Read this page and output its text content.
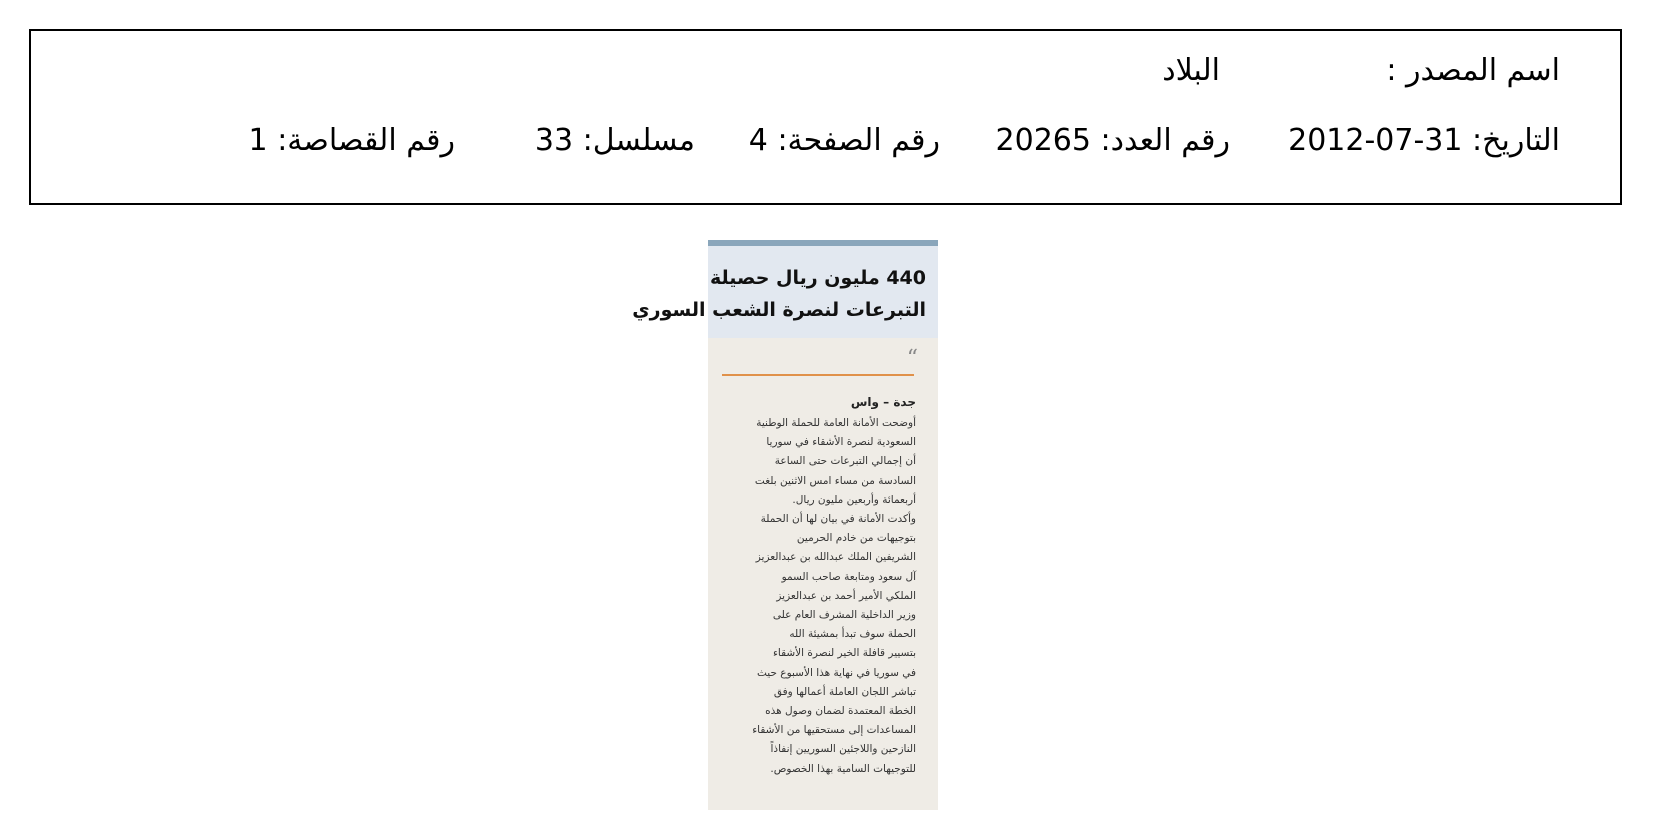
اسم المصدر :
البلاد
التاريخ: 2012-07-31
رقم العدد: 20265
رقم الصفحة: 4
مسلسل: 33
رقم القصاصة: 1
440 مليون ريال حصيلة
التبرعات لنصرة الشعب السوري
“
جدة – واس
أوضحت الأمانة العامة للحملة الوطنية
السعودية لنصرة الأشقاء في سوريا
أن إجمالي التبرعات حتى الساعة
السادسة من مساء امس الاثنين بلغت
أربعمائة وأربعين مليون ريال.
وأكدت الأمانة في بيان لها أن الحملة
بتوجيهات من خادم الحرمين
الشريفين الملك عبدالله بن عبدالعزيز
آل سعود ومتابعة صاحب السمو
الملكي الأمير أحمد بن عبدالعزيز
وزير الداخلية المشرف العام على
الحملة سوف تبدأ بمشيئة الله
بتسيير قافلة الخير لنصرة الأشقاء
في سوريا في نهاية هذا الأسبوع حيث
تباشر اللجان العاملة أعمالها وفق
الخطة المعتمدة لضمان وصول هذه
المساعدات إلى مستحقيها من الأشقاء
النازحين واللاجئين السوريين إنفاذاً
للتوجيهات السامية بهذا الخصوص.
